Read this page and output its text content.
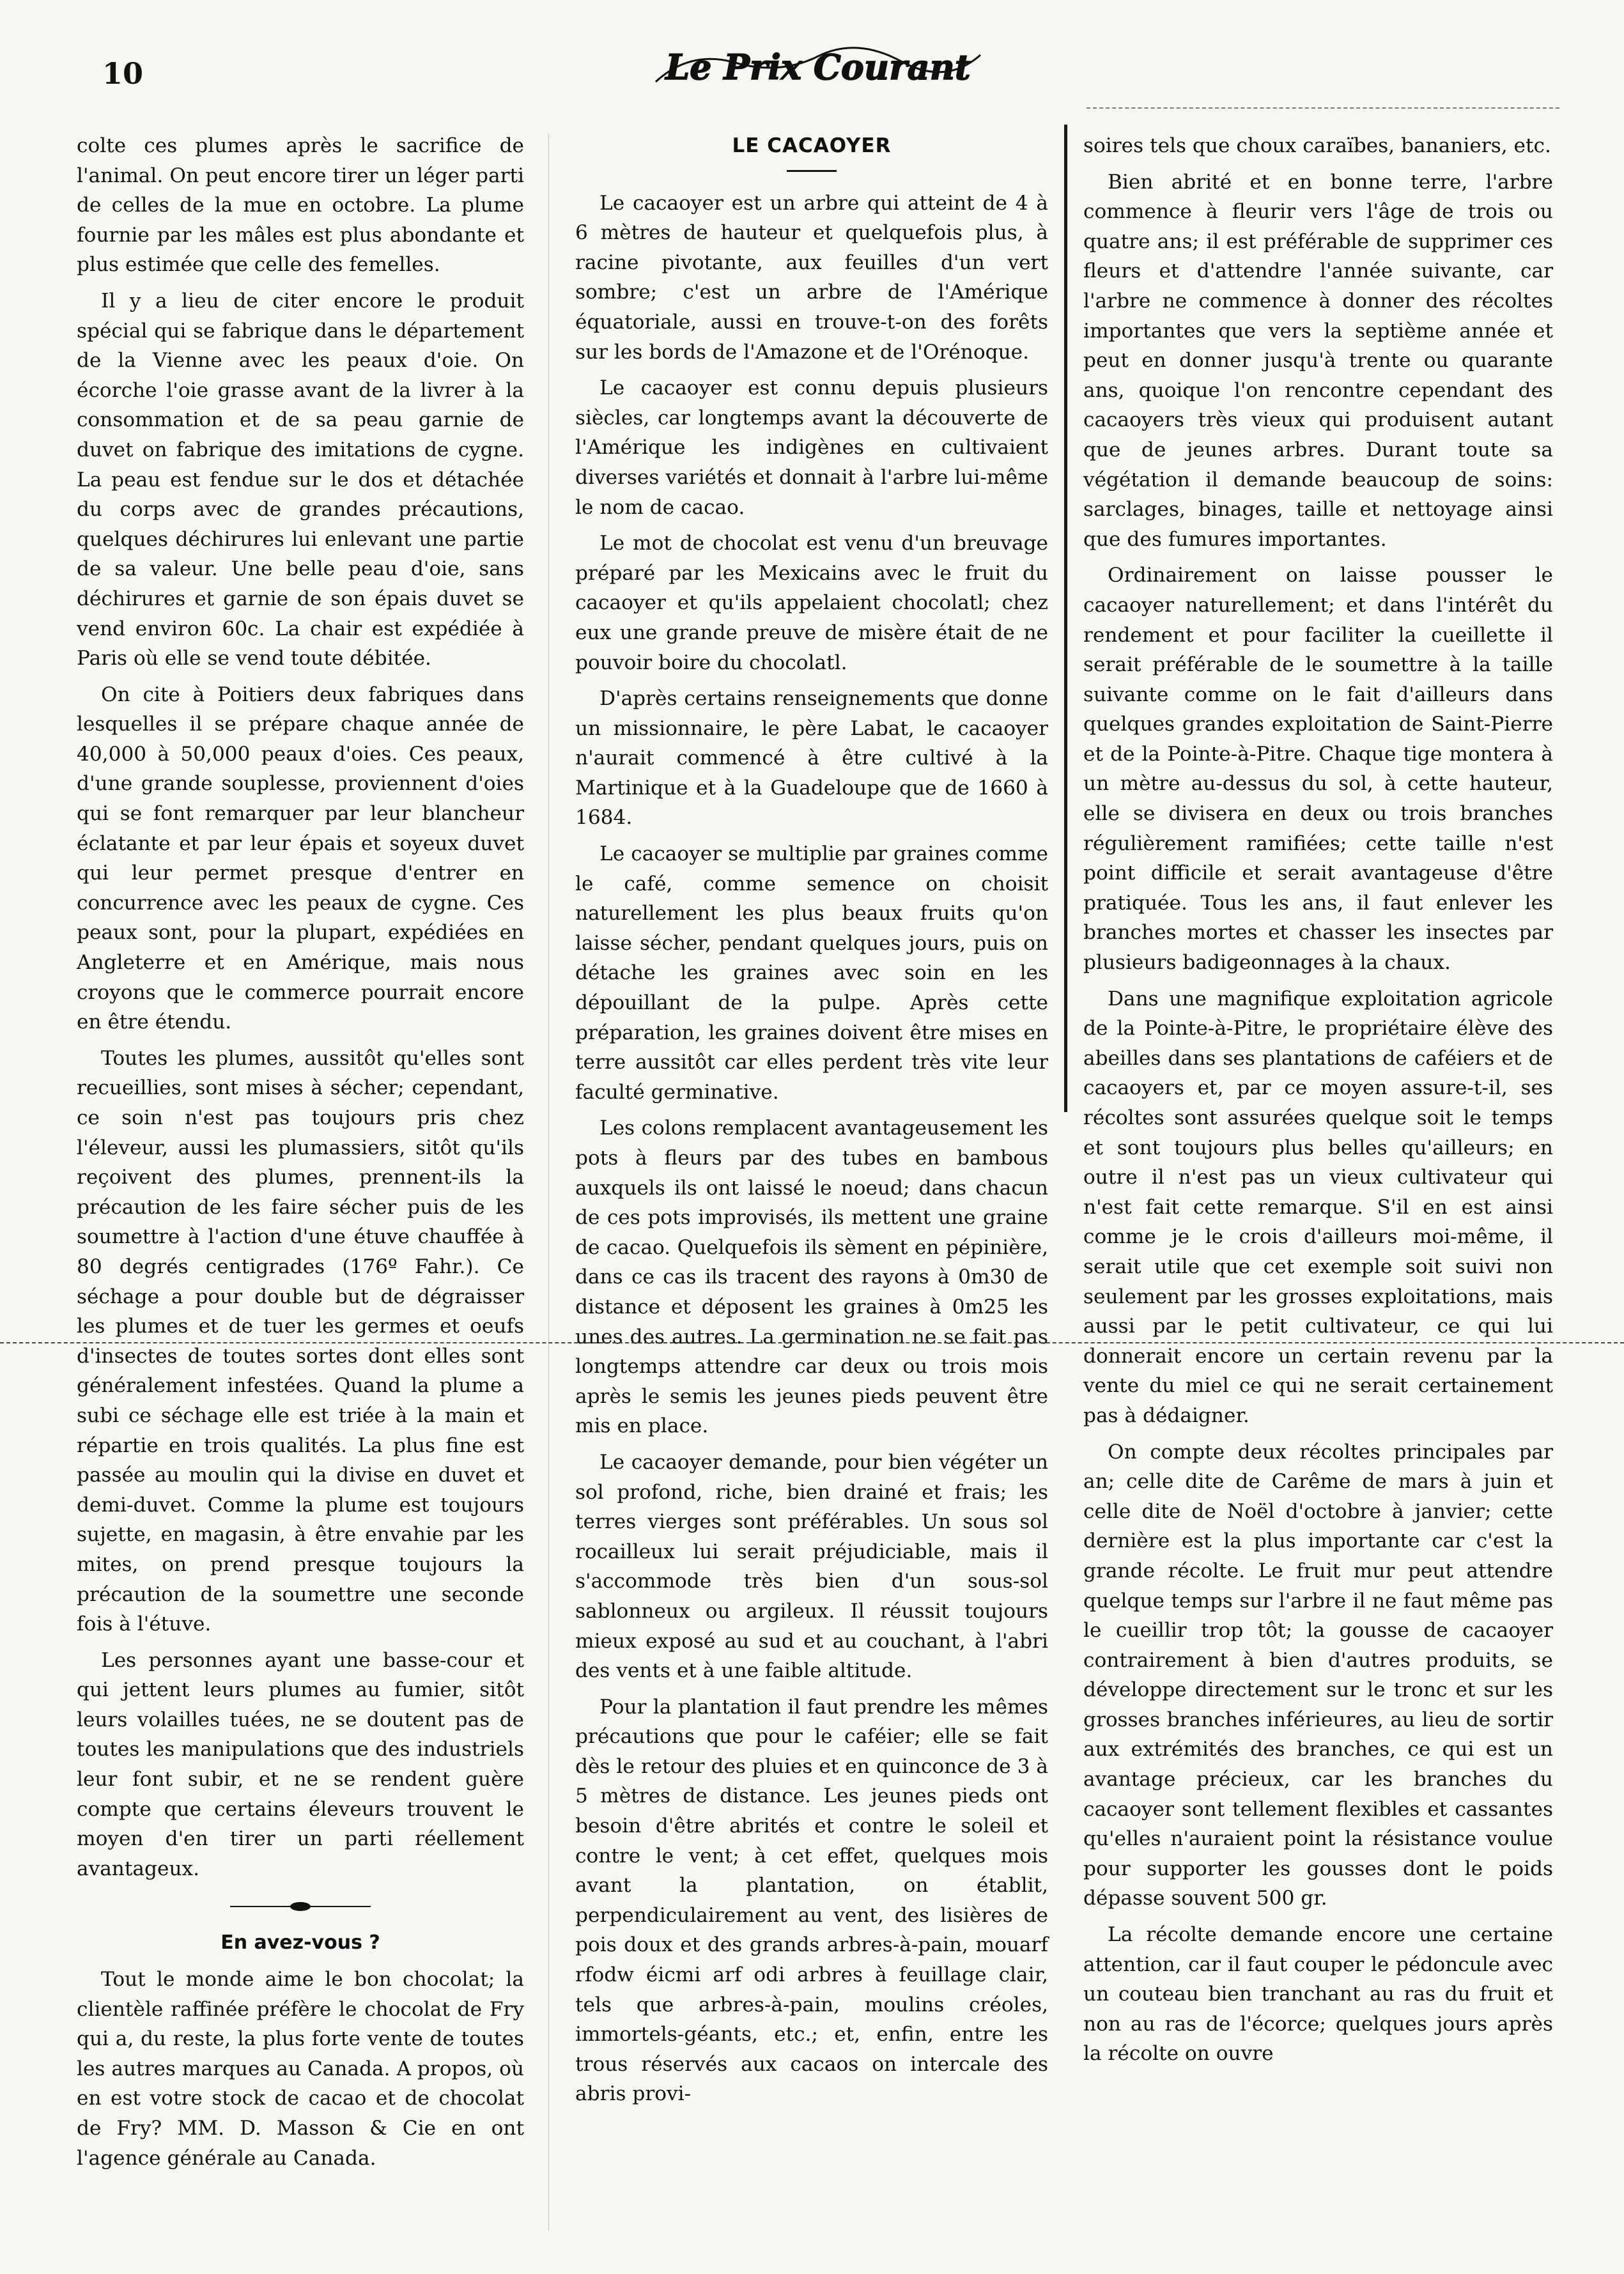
10	Le Prix Courant

colte ces plumes après le sacrifice de l'animal. On peut encore tirer un léger parti de celles de la mue en octobre. La plume fournie par les mâles est plus abondante et plus estimée que celle des femelles.

Il y a lieu de citer encore le produit spécial qui se fabrique dans le département de la Vienne avec les peaux d'oie. On écorche l'oie grasse avant de la livrer à la consommation et de sa peau garnie de duvet on fabrique des imitations de cygne. La peau est fendue sur le dos et détachée du corps avec de grandes précautions, quelques déchirures lui enlevant une partie de sa valeur. Une belle peau d'oie, sans déchirures et garnie de son épais duvet se vend environ 60c. La chair est expédiée à Paris où elle se vend toute débitée.

On cite à Poitiers deux fabriques dans lesquelles il se prépare chaque année de 40,000 à 50,000 peaux d'oies. Ces peaux, d'une grande souplesse, proviennent d'oies qui se font remarquer par leur blancheur éclatante et par leur épais et soyeux duvet qui leur permet presque d'entrer en concurrence avec les peaux de cygne. Ces peaux sont, pour la plupart, expédiées en Angleterre et en Amérique, mais nous croyons que le commerce pourrait encore en être étendu.

Toutes les plumes, aussitôt qu'elles sont recueillies, sont mises à sécher; cependant, ce soin n'est pas toujours pris chez l'éleveur, aussi les plumassiers, sitôt qu'ils reçoivent des plumes, prennent-ils la précaution de les faire sécher puis de les soumettre à l'action d'une étuve chauffée à 80 degrés centigrades (176º Fahr.). Ce séchage a pour double but de dégraisser les plumes et de tuer les germes et oeufs d'insectes de toutes sortes dont elles sont généralement infestées. Quand la plume a subi ce séchage elle est triée à la main et répartie en trois qualités. La plus fine est passée au moulin qui la divise en duvet et demi-duvet. Comme la plume est toujours sujette, en magasin, à être envahie par les mites, on prend presque toujours la précaution de la soumettre une seconde fois à l'étuve.

Les personnes ayant une basse-cour et qui jettent leurs plumes au fumier, sitôt leurs volailles tuées, ne se doutent pas de toutes les manipulations que des industriels leur font subir, et ne se rendent guère compte que certains éleveurs trouvent le moyen d'en tirer un parti réellement avantageux.

En avez-vous ?

Tout le monde aime le bon chocolat; la clientèle raffinée préfère le chocolat de Fry qui a, du reste, la plus forte vente de toutes les autres marques au Canada. A propos, où en est votre stock de cacao et de chocolat de Fry? MM. D. Masson & Cie en ont l'agence générale au Canada.

LE CACAOYER

Le cacaoyer est un arbre qui atteint de 4 à 6 mètres de hauteur et quelquefois plus, à racine pivotante, aux feuilles d'un vert sombre; c'est un arbre de l'Amérique équatoriale, aussi en trouve-t-on des forêts sur les bords de l'Amazone et de l'Orénoque.

Le cacaoyer est connu depuis plusieurs siècles, car longtemps avant la découverte de l'Amérique les indigènes en cultivaient diverses variétés et donnait à l'arbre lui-même le nom de cacao.

Le mot de chocolat est venu d'un breuvage préparé par les Mexicains avec le fruit du cacaoyer et qu'ils appelaient chocolatl; chez eux une grande preuve de misère était de ne pouvoir boire du chocolatl.

D'après certains renseignements que donne un missionnaire, le père Labat, le cacaoyer n'aurait commencé à être cultivé à la Martinique et à la Guadeloupe que de 1660 à 1684.

Le cacaoyer se multiplie par graines comme le café, comme semence on choisit naturellement les plus beaux fruits qu'on laisse sécher, pendant quelques jours, puis on détache les graines avec soin en les dépouillant de la pulpe. Après cette préparation, les graines doivent être mises en terre aussitôt car elles perdent très vite leur faculté germinative.

Les colons remplacent avantageusement les pots à fleurs par des tubes en bambous auxquels ils ont laissé le noeud; dans chacun de ces pots improvisés, ils mettent une graine de cacao. Quelquefois ils sèment en pépinière, dans ce cas ils tracent des rayons à 0m30 de distance et déposent les graines à 0m25 les unes des autres. La germination ne se fait pas longtemps attendre car deux ou trois mois après le semis les jeunes pieds peuvent être mis en place.

Le cacaoyer demande, pour bien végéter un sol profond, riche, bien drainé et frais; les terres vierges sont préférables. Un sous sol rocailleux lui serait préjudiciable, mais il s'accommode très bien d'un sous-sol sablonneux ou argileux. Il réussit toujours mieux exposé au sud et au couchant, à l'abri des vents et à une faible altitude.

Pour la plantation il faut prendre les mêmes précautions que pour le caféier; elle se fait dès le retour des pluies et en quinconce de 3 à 5 mètres de distance. Les jeunes pieds ont besoin d'être abrités et contre le soleil et contre le vent; à cet effet, quelques mois avant la plantation, on établit, perpendiculairement au vent, des lisières de pois doux et des grands arbres-à-pain, mouarf rfodw éicmi arf odi arbres à feuillage clair, tels que arbres-à-pain, moulins créoles, immortels-géants, etc.; et, enfin, entre les trous réservés aux cacaos on intercale des abris provi-

soires tels que choux caraïbes, bananiers, etc.

Bien abrité et en bonne terre, l'arbre commence à fleurir vers l'âge de trois ou quatre ans; il est préférable de supprimer ces fleurs et d'attendre l'année suivante, car l'arbre ne commence à donner des récoltes importantes que vers la septième année et peut en donner jusqu'à trente ou quarante ans, quoique l'on rencontre cependant des cacaoyers très vieux qui produisent autant que de jeunes arbres. Durant toute sa végétation il demande beaucoup de soins: sarclages, binages, taille et nettoyage ainsi que des fumures importantes.

Ordinairement on laisse pousser le cacaoyer naturellement; et dans l'intérêt du rendement et pour faciliter la cueillette il serait préférable de le soumettre à la taille suivante comme on le fait d'ailleurs dans quelques grandes exploitation de Saint-Pierre et de la Pointe-à-Pitre. Chaque tige montera à un mètre au-dessus du sol, à cette hauteur, elle se divisera en deux ou trois branches régulièrement ramifiées; cette taille n'est point difficile et serait avantageuse d'être pratiquée. Tous les ans, il faut enlever les branches mortes et chasser les insectes par plusieurs badigeonnages à la chaux.

Dans une magnifique exploitation agricole de la Pointe-à-Pitre, le propriétaire élève des abeilles dans ses plantations de caféiers et de cacaoyers et, par ce moyen assure-t-il, ses récoltes sont assurées quelque soit le temps et sont toujours plus belles qu'ailleurs; en outre il n'est pas un vieux cultivateur qui n'est fait cette remarque. S'il en est ainsi comme je le crois d'ailleurs moi-même, il serait utile que cet exemple soit suivi non seulement par les grosses exploitations, mais aussi par le petit cultivateur, ce qui lui donnerait encore un certain revenu par la vente du miel ce qui ne serait certainement pas à dédaigner.

On compte deux récoltes principales par an; celle dite de Carême de mars à juin et celle dite de Noël d'octobre à janvier; cette dernière est la plus importante car c'est la grande récolte. Le fruit mur peut attendre quelque temps sur l'arbre il ne faut même pas le cueillir trop tôt; la gousse de cacaoyer contrairement à bien d'autres produits, se développe directement sur le tronc et sur les grosses branches inférieures, au lieu de sortir aux extrémités des branches, ce qui est un avantage précieux, car les branches du cacaoyer sont tellement flexibles et cassantes qu'elles n'auraient point la résistance voulue pour supporter les gousses dont le poids dépasse souvent 500 gr.

La récolte demande encore une certaine attention, car il faut couper le pédoncule avec un couteau bien tranchant au ras du fruit et non au ras de l'écorce; quelques jours après la récolte on ouvre
